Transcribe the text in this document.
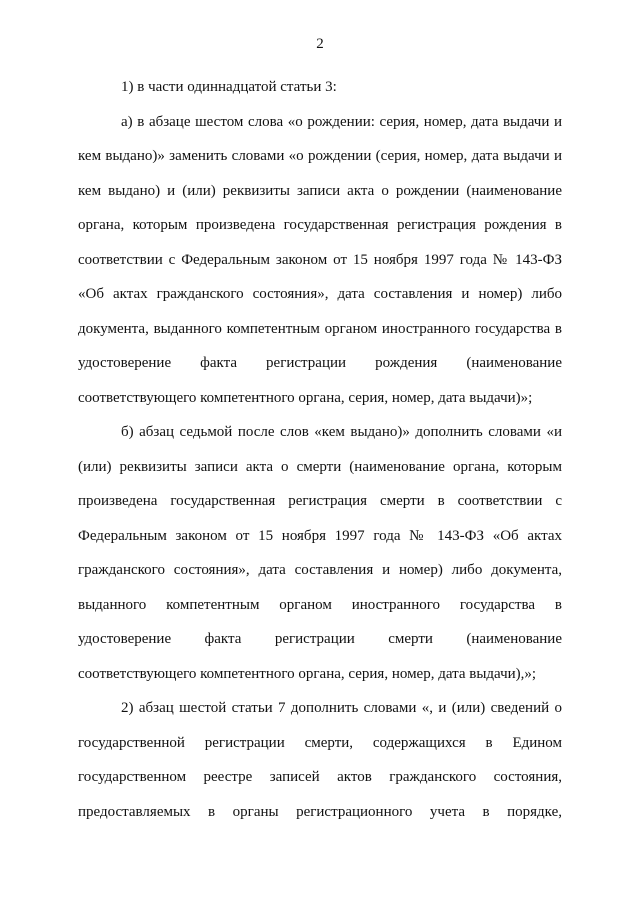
2
1) в части одиннадцатой статьи 3:
а) в абзаце шестом слова «о рождении: серия, номер, дата выдачи и
кем выдано)» заменить словами «о рождении (серия, номер, дата выдачи и
кем выдано) и (или) реквизиты записи акта о рождении (наименование
органа, которым произведена государственная регистрация рождения в
соответствии с Федеральным законом от 15 ноября 1997 года № 143-ФЗ
«Об актах гражданского состояния», дата составления и номер) либо
документа, выданного компетентным органом иностранного государства в
удостоверение факта регистрации рождения (наименование
соответствующего компетентного органа, серия, номер, дата выдачи)»;
б) абзац седьмой после слов «кем выдано)» дополнить словами «и
(или) реквизиты записи акта о смерти (наименование органа, которым
произведена государственная регистрация смерти в соответствии с
Федеральным законом от 15 ноября 1997 года № 143-ФЗ «Об актах
гражданского состояния», дата составления и номер) либо документа,
выданного компетентным органом иностранного государства в
удостоверение факта регистрации смерти (наименование
соответствующего компетентного органа, серия, номер, дата выдачи),»;
2) абзац шестой статьи 7 дополнить словами «, и (или) сведений о
государственной регистрации смерти, содержащихся в Едином
государственном реестре записей актов гражданского состояния,
предоставляемых в органы регистрационного учета в порядке,
